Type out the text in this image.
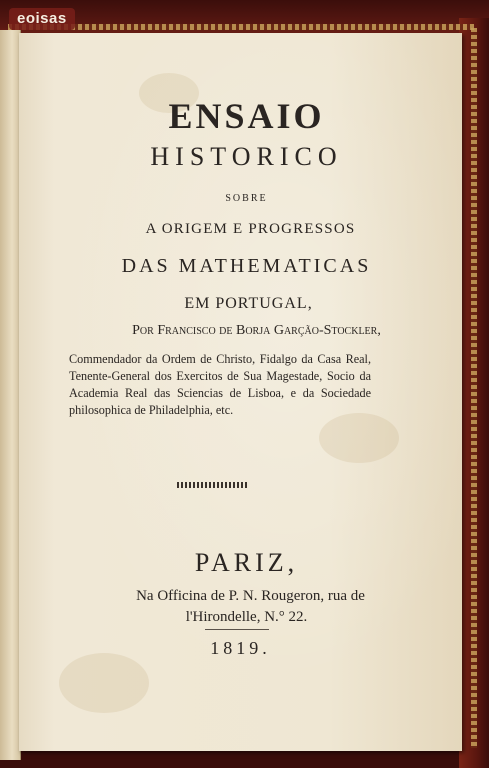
ENSAIO
HISTORICO
SOBRE
A ORIGEM E PROGRESSOS
DAS MATHEMATICAS
EM PORTUGAL,
Por Francisco de Borja Garção-Stockler,
Commendador da Ordem de Christo, Fidalgo da Casa Real, Tenente-General dos Exercitos de Sua Magestade, Socio da Academia Real das Sciencias de Lisboa, e da Sociedade philosophica de Philadelphia, etc.
PARIZ,
Na Officina de P. N. Rougeron, rua de
l'Hirondelle, N.° 22.
1819.
eoisas
